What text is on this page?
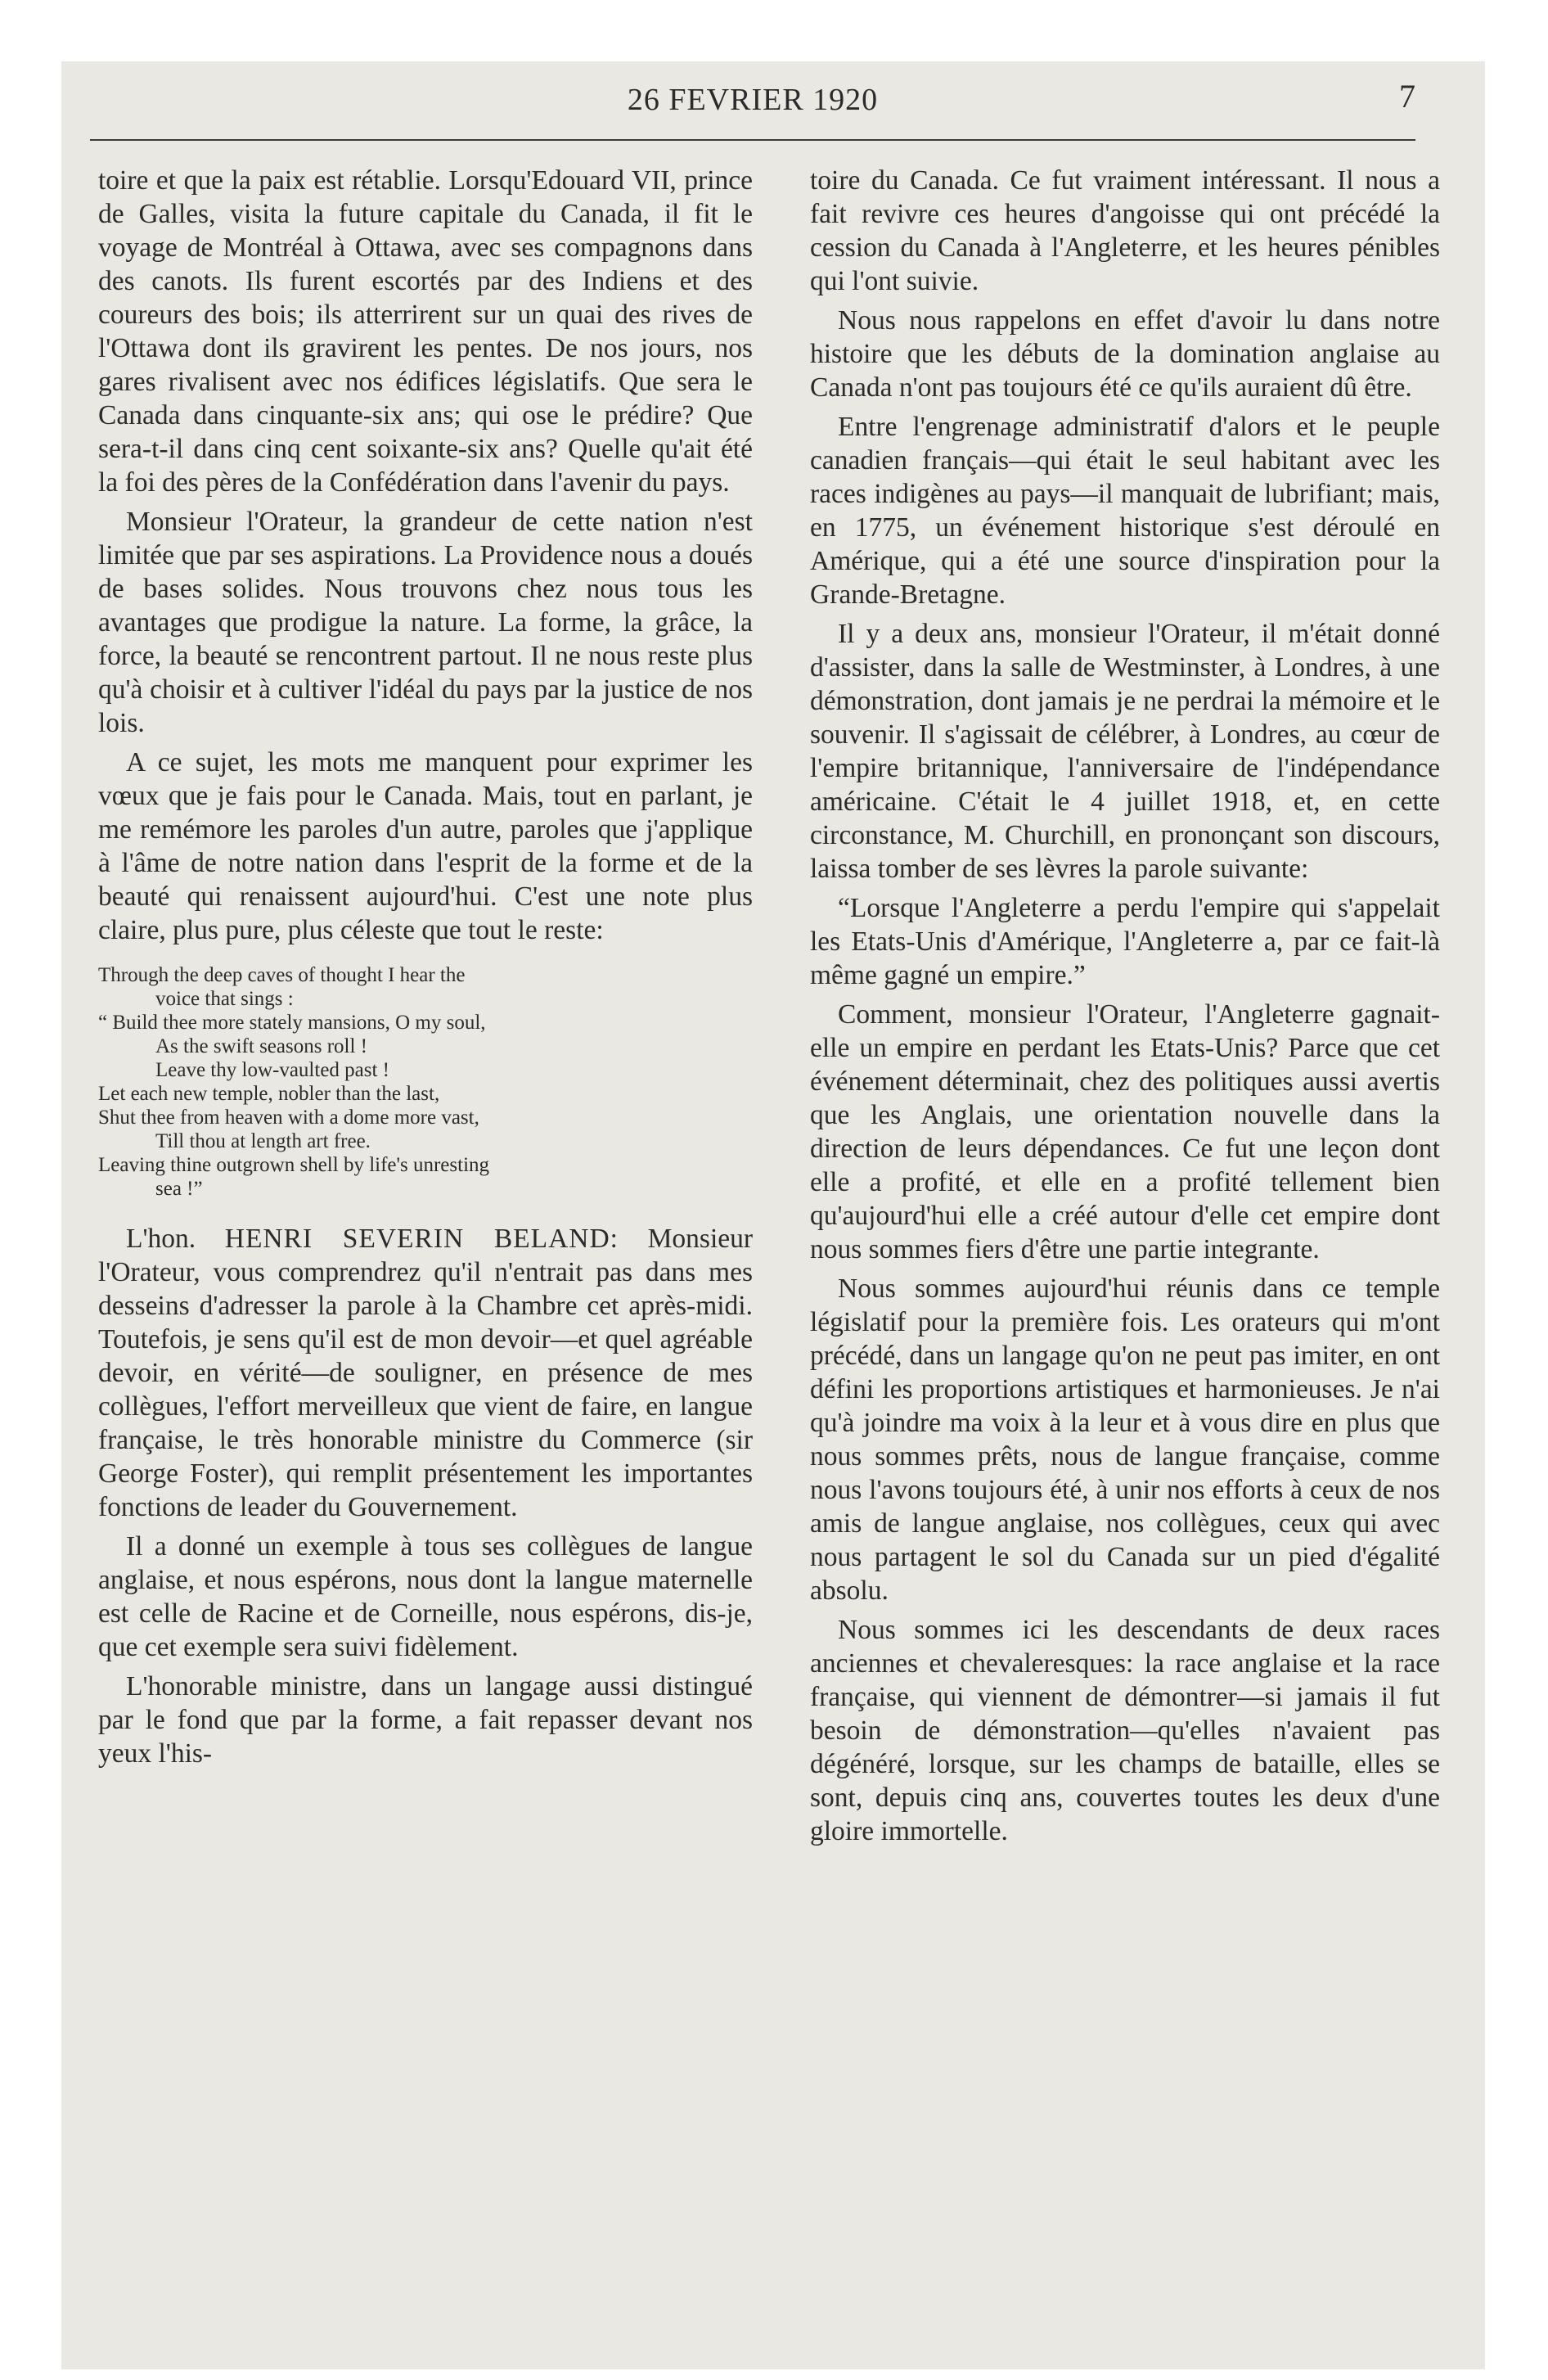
26 FEVRIER 1920	7

toire et que la paix est rétablie. Lorsqu'Edouard VII, prince de Galles, visita la future capitale du Canada, il fit le voyage de Montréal à Ottawa, avec ses compagnons dans des canots. Ils furent escortés par des Indiens et des coureurs des bois; ils atterrirent sur un quai des rives de l'Ottawa dont ils gravirent les pentes. De nos jours, nos gares rivalisent avec nos édifices législatifs. Que sera le Canada dans cinquante-six ans; qui ose le prédire? Que sera-t-il dans cinq cent soixante-six ans? Quelle qu'ait été la foi des pères de la Confédération dans l'avenir du pays.

Monsieur l'Orateur, la grandeur de cette nation n'est limitée que par ses aspirations. La Providence nous a doués de bases solides. Nous trouvons chez nous tous les avantages que prodigue la nature. La forme, la grâce, la force, la beauté se rencontrent partout. Il ne nous reste plus qu'à choisir et à cultiver l'idéal du pays par la justice de nos lois.

A ce sujet, les mots me manquent pour exprimer les vœux que je fais pour le Canada. Mais, tout en parlant, je me remémore les paroles d'un autre, paroles que j'applique à l'âme de notre nation dans l'esprit de la forme et de la beauté qui renaissent aujourd'hui. C'est une note plus claire, plus pure, plus céleste que tout le reste:

Through the deep caves of thought I hear the
voice that sings :
“ Build thee more stately mansions, O my soul,
As the swift seasons roll !
Leave thy low-vaulted past !
Let each new temple, nobler than the last,
Shut thee from heaven with a dome more vast,
Till thou at length art free.
Leaving thine outgrown shell by life's unresting
sea !”

L'hon. HENRI SEVERIN BELAND: Monsieur l'Orateur, vous comprendrez qu'il n'entrait pas dans mes desseins d'adresser la parole à la Chambre cet après-midi. Toutefois, je sens qu'il est de mon devoir—et quel agréable devoir, en vérité—de souligner, en présence de mes collègues, l'effort merveilleux que vient de faire, en langue française, le très honorable ministre du Commerce (sir George Foster), qui remplit présentement les importantes fonctions de leader du Gouvernement.

Il a donné un exemple à tous ses collègues de langue anglaise, et nous espérons, nous dont la langue maternelle est celle de Racine et de Corneille, nous espérons, dis-je, que cet exemple sera suivi fidèlement.

L'honorable ministre, dans un langage aussi distingué par le fond que par la forme, a fait repasser devant nos yeux l'his-

toire du Canada. Ce fut vraiment intéressant. Il nous a fait revivre ces heures d'angoisse qui ont précédé la cession du Canada à l'Angleterre, et les heures pénibles qui l'ont suivie.

Nous nous rappelons en effet d'avoir lu dans notre histoire que les débuts de la domination anglaise au Canada n'ont pas toujours été ce qu'ils auraient dû être.

Entre l'engrenage administratif d'alors et le peuple canadien français—qui était le seul habitant avec les races indigènes au pays—il manquait de lubrifiant; mais, en 1775, un événement historique s'est déroulé en Amérique, qui a été une source d'inspiration pour la Grande-Bretagne.

Il y a deux ans, monsieur l'Orateur, il m'était donné d'assister, dans la salle de Westminster, à Londres, à une démonstration, dont jamais je ne perdrai la mémoire et le souvenir. Il s'agissait de célébrer, à Londres, au cœur de l'empire britannique, l'anniversaire de l'indépendance américaine. C'était le 4 juillet 1918, et, en cette circonstance, M. Churchill, en prononçant son discours, laissa tomber de ses lèvres la parole suivante:

“Lorsque l'Angleterre a perdu l'empire qui s'appelait les Etats-Unis d'Amérique, l'Angleterre a, par ce fait-là même gagné un empire.”

Comment, monsieur l'Orateur, l'Angleterre gagnait-elle un empire en perdant les Etats-Unis? Parce que cet événement déterminait, chez des politiques aussi avertis que les Anglais, une orientation nouvelle dans la direction de leurs dépendances. Ce fut une leçon dont elle a profité, et elle en a profité tellement bien qu'aujourd'hui elle a créé autour d'elle cet empire dont nous sommes fiers d'être une partie integrante.

Nous sommes aujourd'hui réunis dans ce temple législatif pour la première fois. Les orateurs qui m'ont précédé, dans un langage qu'on ne peut pas imiter, en ont défini les proportions artistiques et harmonieuses. Je n'ai qu'à joindre ma voix à la leur et à vous dire en plus que nous sommes prêts, nous de langue française, comme nous l'avons toujours été, à unir nos efforts à ceux de nos amis de langue anglaise, nos collègues, ceux qui avec nous partagent le sol du Canada sur un pied d'égalité absolu.

Nous sommes ici les descendants de deux races anciennes et chevaleresques: la race anglaise et la race française, qui viennent de démontrer—si jamais il fut besoin de démonstration—qu'elles n'avaient pas dégénéré, lorsque, sur les champs de bataille, elles se sont, depuis cinq ans, couvertes toutes les deux d'une gloire immortelle.
